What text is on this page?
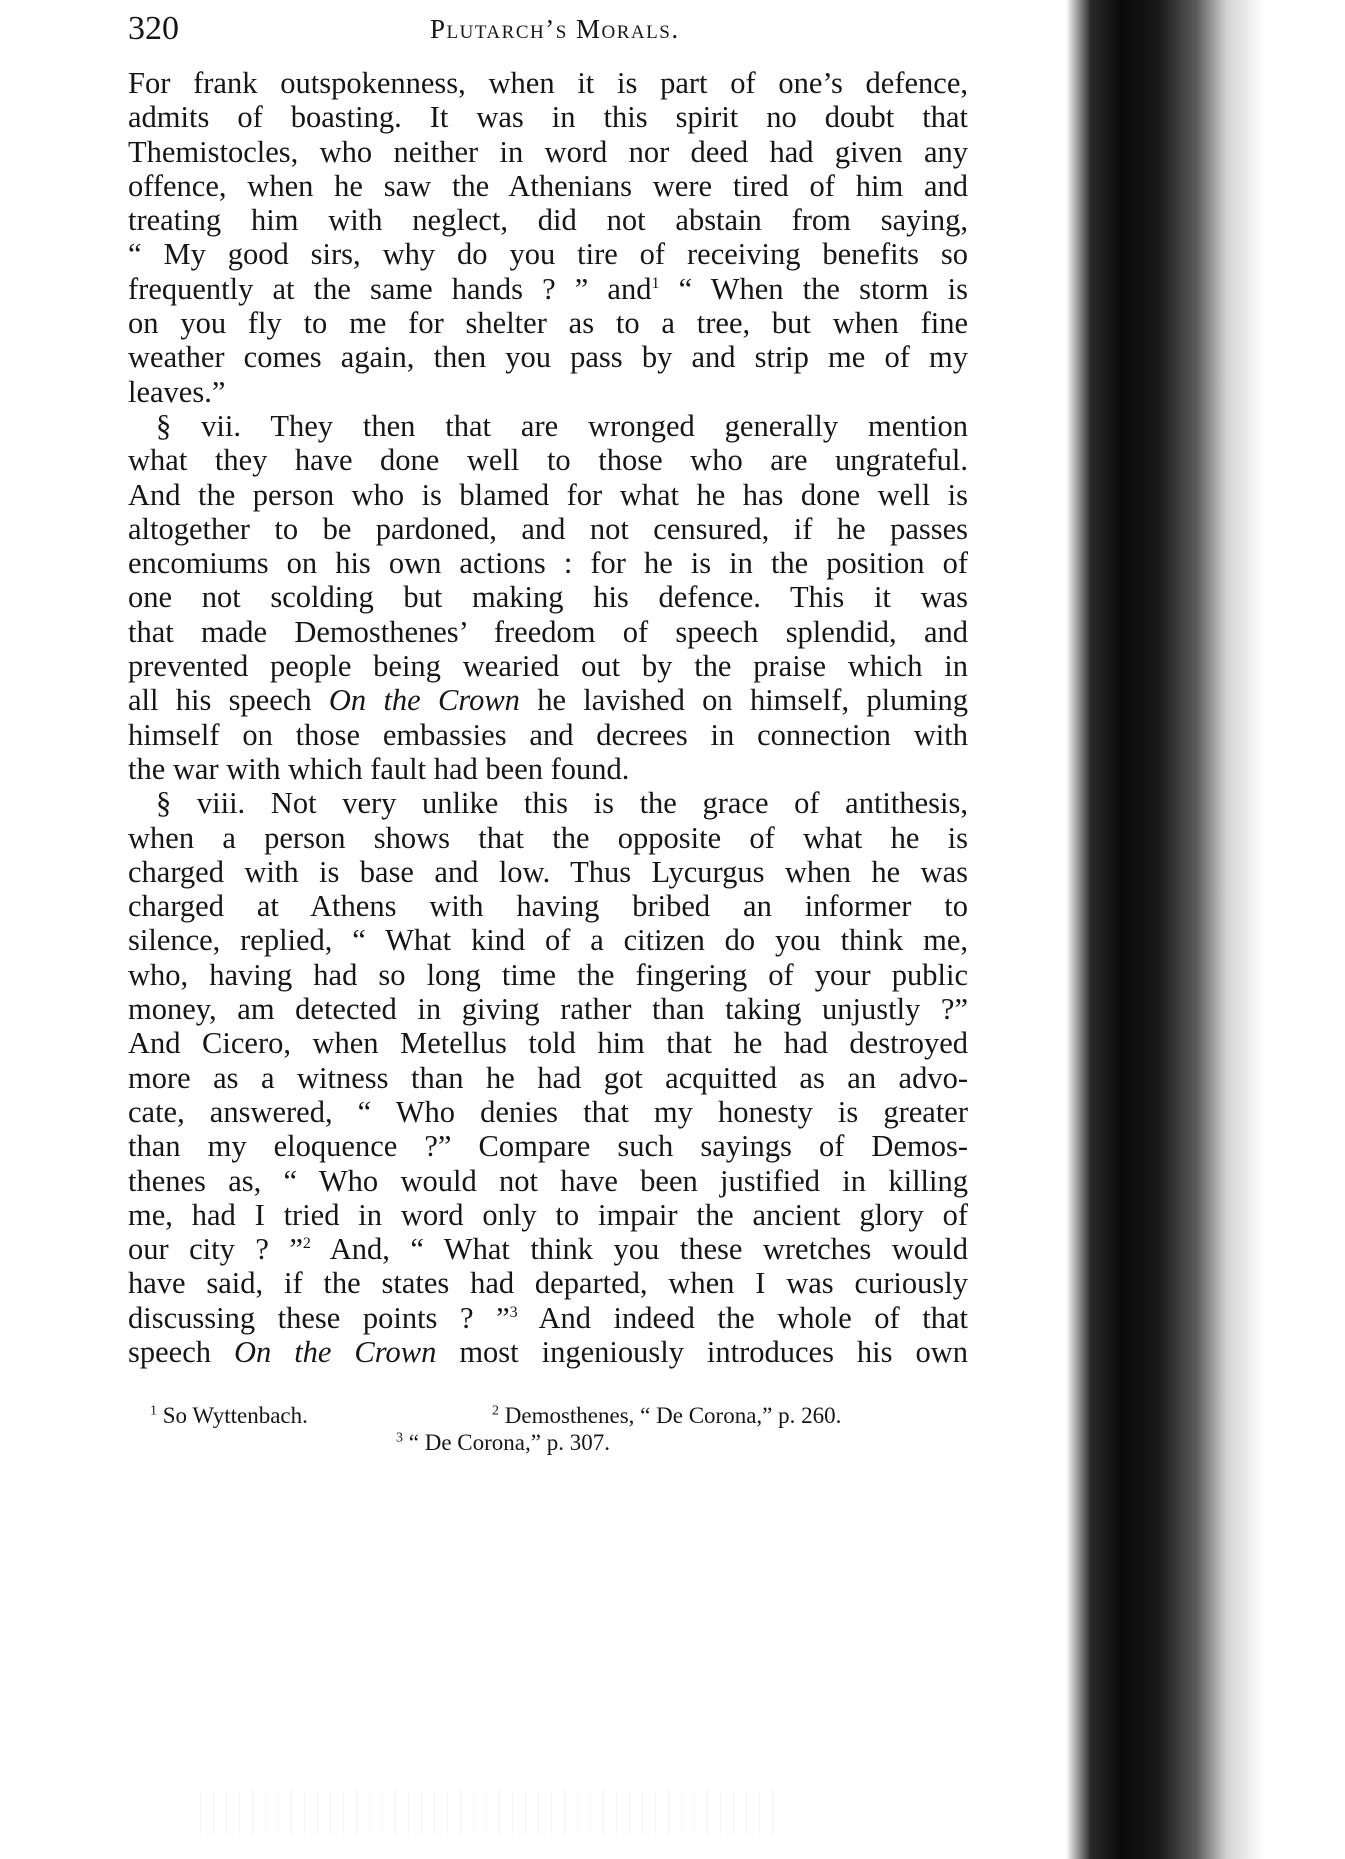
320	Plutarch’s Morals.
For frank outspokenness, when it is part of one’s defence,
admits of boasting. It was in this spirit no doubt that
Themistocles, who neither in word nor deed had given any
offence, when he saw the Athenians were tired of him and
treating him with neglect, did not abstain from saying,
“ My good sirs, why do you tire of receiving benefits so
frequently at the same hands ? ” and$^1$ “ When the storm is
on you fly to me for shelter as to a tree, but when fine
weather comes again, then you pass by and strip me of my
leaves.”
§ vii. They then that are wronged generally mention
what they have done well to those who are ungrateful.
And the person who is blamed for what he has done well is
altogether to be pardoned, and not censured, if he passes
encomiums on his own actions : for he is in the position of
one not scolding but making his defence. This it was
that made Demosthenes’ freedom of speech splendid, and
prevented people being wearied out by the praise which in
all his speech On the Crown he lavished on himself, pluming
himself on those embassies and decrees in connection with
the war with which fault had been found.
§ viii. Not very unlike this is the grace of antithesis,
when a person shows that the opposite of what he is
charged with is base and low. Thus Lycurgus when he was
charged at Athens with having bribed an informer to
silence, replied, “ What kind of a citizen do you think me,
who, having had so long time the fingering of your public
money, am detected in giving rather than taking unjustly ?”
And Cicero, when Metellus told him that he had destroyed
more as a witness than he had got acquitted as an advo-
cate, answered, “ Who denies that my honesty is greater
than my eloquence ?” Compare such sayings of Demos-
thenes as, “ Who would not have been justified in killing
me, had I tried in word only to impair the ancient glory of
our city ? ”$^2$ And, “ What think you these wretches would
have said, if the states had departed, when I was curiously
discussing these points ? ”$^3$ And indeed the whole of that
speech On the Crown most ingeniously introduces his own
$^1$ So Wyttenbach.	$^2$ Demosthenes, “ De Corona,” p. 260.
$^3$ “ De Corona,” p. 307.
